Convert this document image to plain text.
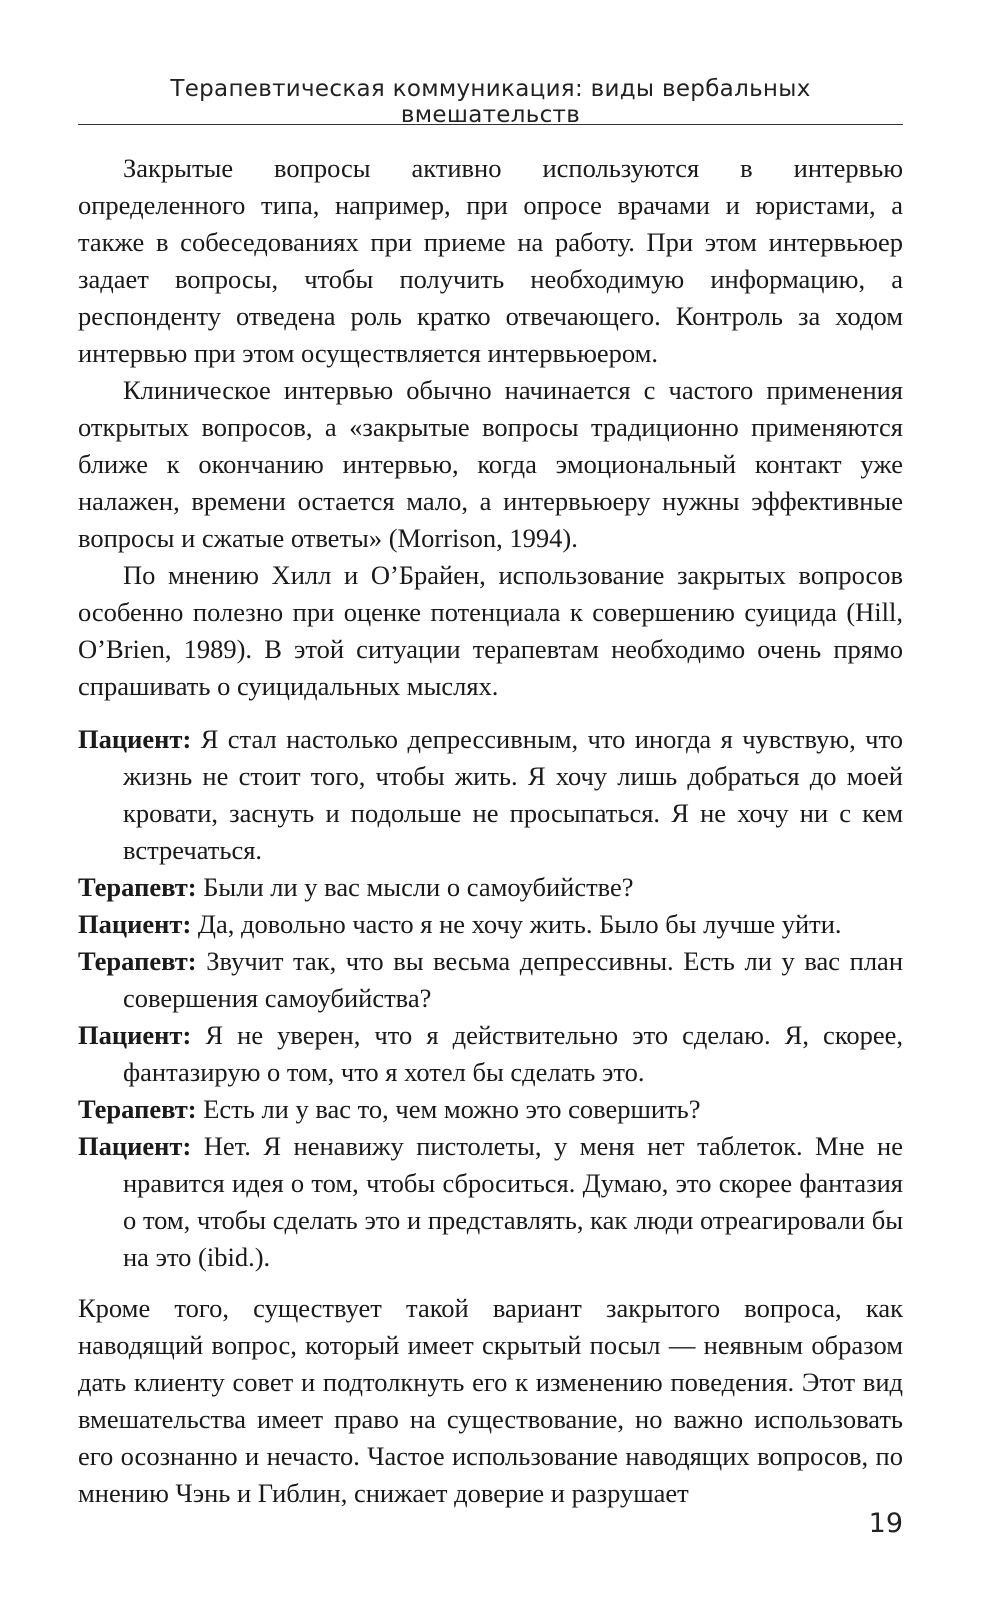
Терапевтическая коммуникация: виды вербальных вмешательств

Закрытые вопросы активно используются в интервью определенного типа, например, при опросе врачами и юристами, а также в собеседованиях при приеме на работу. При этом интервьюер задает вопросы, чтобы получить необходимую информацию, а респонденту отведена роль кратко отвечающего. Контроль за ходом интервью при этом осуществляется интервьюером.

Клиническое интервью обычно начинается с частого применения открытых вопросов, а «закрытые вопросы традиционно применяются ближе к окончанию интервью, когда эмоциональный контакт уже налажен, времени остается мало, а интервьюеру нужны эффективные вопросы и сжатые ответы» (Morrison, 1994).

По мнению Хилл и О’Брайен, использование закрытых вопросов особенно полезно при оценке потенциала к совершению суицида (Hill, O’Brien, 1989). В этой ситуации терапевтам необходимо очень прямо спрашивать о суицидальных мыслях.

Пациент: Я стал настолько депрессивным, что иногда я чувствую, что жизнь не стоит того, чтобы жить. Я хочу лишь добраться до моей кровати, заснуть и подольше не просыпаться. Я не хочу ни с кем встречаться.

Терапевт: Были ли у вас мысли о самоубийстве?

Пациент: Да, довольно часто я не хочу жить. Было бы лучше уйти.

Терапевт: Звучит так, что вы весьма депрессивны. Есть ли у вас план совершения самоубийства?

Пациент: Я не уверен, что я действительно это сделаю. Я, скорее, фантазирую о том, что я хотел бы сделать это.

Терапевт: Есть ли у вас то, чем можно это совершить?

Пациент: Нет. Я ненавижу пистолеты, у меня нет таблеток. Мне не нравится идея о том, чтобы сброситься. Думаю, это скорее фантазия о том, чтобы сделать это и представлять, как люди отреагировали бы на это (ibid.).

Кроме того, существует такой вариант закрытого вопроса, как наводящий вопрос, который имеет скрытый посыл — неявным образом дать клиенту совет и подтолкнуть его к изменению поведения. Этот вид вмешательства имеет право на существование, но важно использовать его осознанно и нечасто. Частое использование наводящих вопросов, по мнению Чэнь и Гиблин, снижает доверие и разрушает

19
